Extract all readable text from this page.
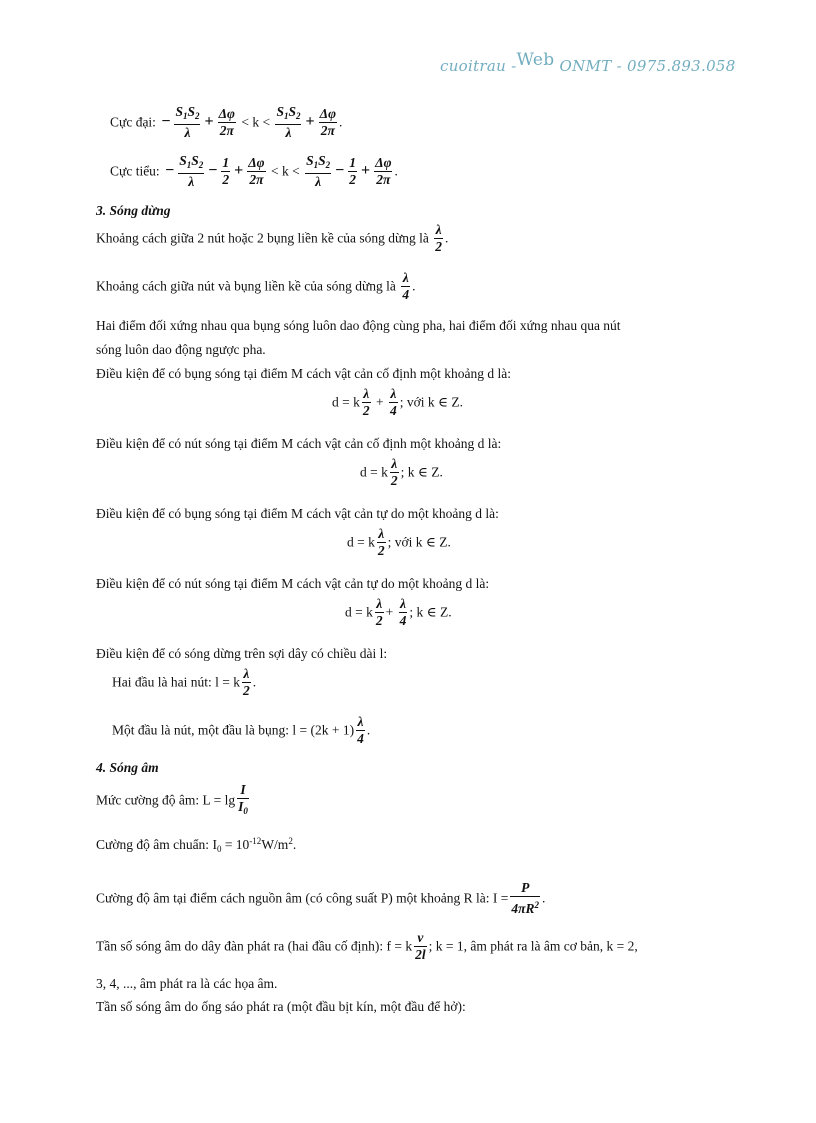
cuoitrau -Web ONMT - 0975.893.058
Cực đại: − $\frac{S_1S_2}{\lambda} + \frac{\Delta\varphi}{2\pi} < k < \frac{S_1S_2}{\lambda} + \frac{\Delta\varphi}{2\pi}$ .
Cực tiểu: − $\frac{S_1S_2}{\lambda} - \frac{1}{2} + \frac{\Delta\varphi}{2\pi} < k < \frac{S_1S_2}{\lambda} - \frac{1}{2} + \frac{\Delta\varphi}{2\pi}$ .
3. Sóng dừng
Khoảng cách giữa 2 nút hoặc 2 bụng liền kề của sóng dừng là $\frac{\lambda}{2}$ .
Khoảng cách giữa nút và bụng liền kề của sóng dừng là $\frac{\lambda}{4}$ .
Hai điểm đối xứng nhau qua bụng sóng luôn dao động cùng pha, hai điểm đối xứng nhau qua nút
sóng luôn dao động ngược pha.
Điều kiện để có bụng sóng tại điểm M cách vật cản cố định một khoảng d là:
d = k $\frac{\lambda}{2} + \frac{\lambda}{4}$ ; với k ∈ Z.
Điều kiện để có nút sóng tại điểm M cách vật cản cố định một khoảng d là:
d = k $\frac{\lambda}{2}$ ; k ∈ Z.
Điều kiện để có bụng sóng tại điểm M cách vật cản tự do một khoảng d là:
d = k $\frac{\lambda}{2}$ ; với k ∈ Z.
Điều kiện để có nút sóng tại điểm M cách vật cản tự do một khoảng d là:
d = k $\frac{\lambda}{2} + \frac{\lambda}{4}$ ; k ∈ Z.
Điều kiện để có sóng dừng trên sợi dây có chiều dài l:
Hai đầu là hai nút: l = k $\frac{\lambda}{2}$ .
Một đầu là nút, một đầu là bụng: $l = (2k + 1) \frac{\lambda}{4}$ .
4. Sóng âm
Mức cường độ âm: $L = \lg \frac{I}{I_0}$
Cường độ âm chuẩn: $I_0 = 10^{-12}W/m^2$.
Cường độ âm tại điểm cách nguồn âm (có công suất P) một khoảng R là: $I = \frac{P}{4\pi R^2}$ .
Tần số sóng âm do dây đàn phát ra (hai đầu cố định): f = k $\frac{v}{2l}$ ; k = 1, âm phát ra là âm cơ bản, k = 2,
3, 4, ..., âm phát ra là các họa âm.
Tần số sóng âm do ống sáo phát ra (một đầu bịt kín, một đầu để hở):
